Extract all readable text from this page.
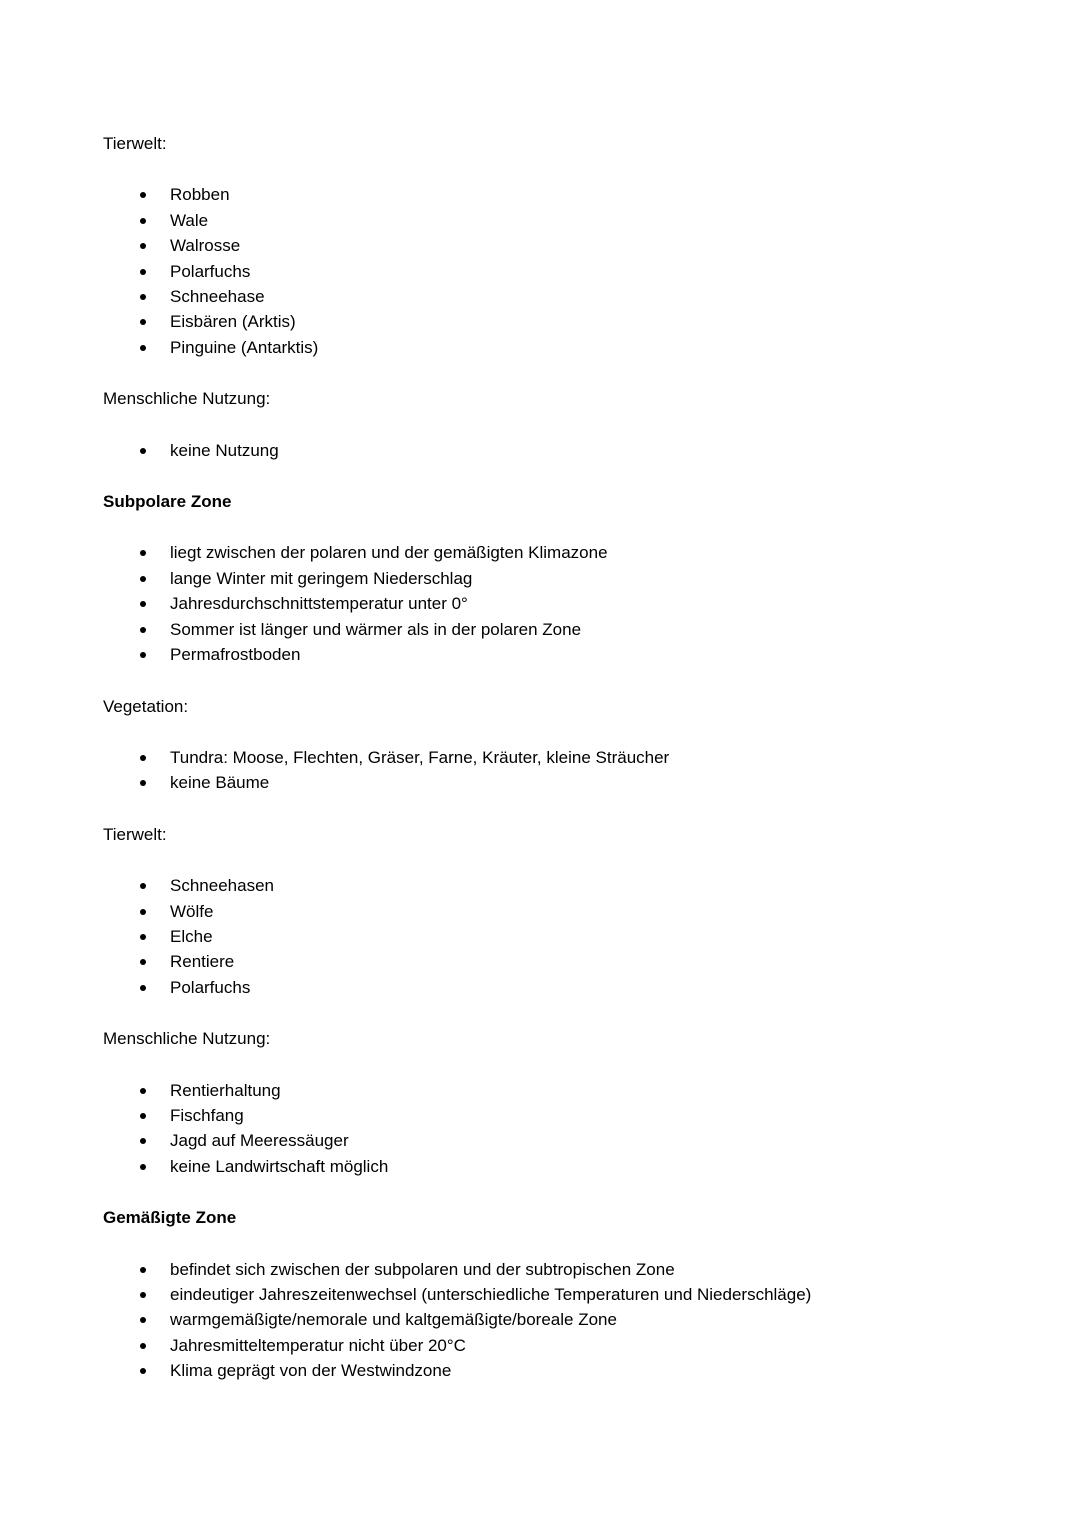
Tierwelt:

Robben
Wale
Walrosse
Polarfuchs
Schneehase
Eisbären (Arktis)
Pinguine (Antarktis)

Menschliche Nutzung:

keine Nutzung

Subpolare Zone

liegt zwischen der polaren und der gemäßigten Klimazone
lange Winter mit geringem Niederschlag
Jahresdurchschnittstemperatur unter 0°
Sommer ist länger und wärmer als in der polaren Zone
Permafrostboden

Vegetation:

Tundra: Moose, Flechten, Gräser, Farne, Kräuter, kleine Sträucher
keine Bäume

Tierwelt:

Schneehasen
Wölfe
Elche
Rentiere
Polarfuchs

Menschliche Nutzung:

Rentierhaltung
Fischfang
Jagd auf Meeressäuger
keine Landwirtschaft möglich

Gemäßigte Zone

befindet sich zwischen der subpolaren und der subtropischen Zone
eindeutiger Jahreszeitenwechsel (unterschiedliche Temperaturen und Niederschläge)
warmgemäßigte/nemorale und kaltgemäßigte/boreale Zone
Jahresmitteltemperatur nicht über 20°C
Klima geprägt von der Westwindzone
